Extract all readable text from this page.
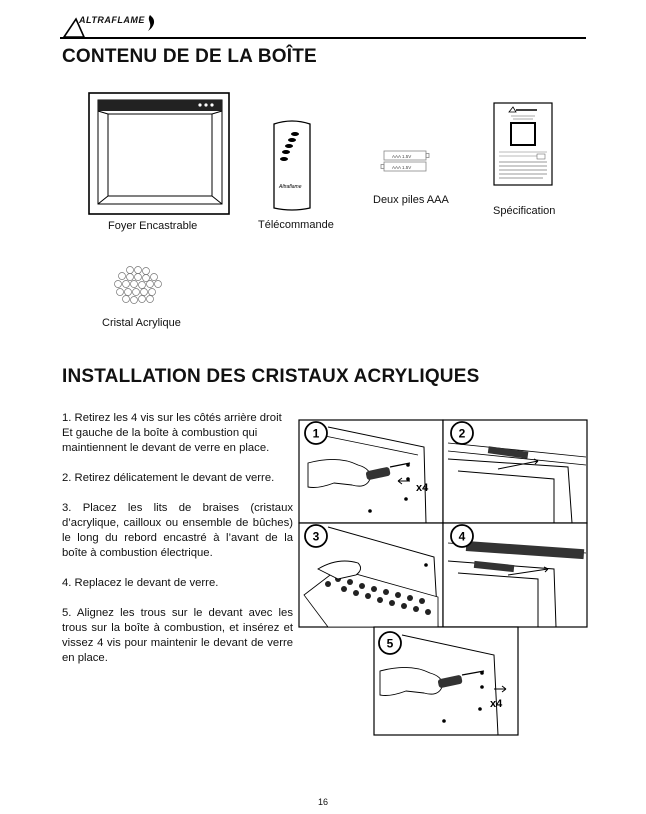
ALTRAFLAME
CONTENU DE DE LA BOÎTE
Foyer Encastrable
Altraflame
Télécommande
AAA 1.5V
AAA 1.5V
Deux piles AAA
Spécification
Cristal Acrylique
INSTALLATION DES CRISTAUX ACRYLIQUES

1. Retirez les 4 vis sur les côtés arrière droit Et gauche de la boîte à combustion qui maintiennent le devant de verre en place.

2. Retirez délicatement le devant de verre.

3. Placez les lits de braises (cristaux d’acrylique, cailloux ou ensemble de bûches) le long du rebord encastré à l’avant de la boîte à combustion électrique.

4. Replacez le devant de verre.

5. Alignez les trous sur le devant avec les trous sur la boîte à combustion, et insérez et vissez 4 vis pour maintenir le devant de verre en place.

1
x4
2
3	4
5
x4
16
